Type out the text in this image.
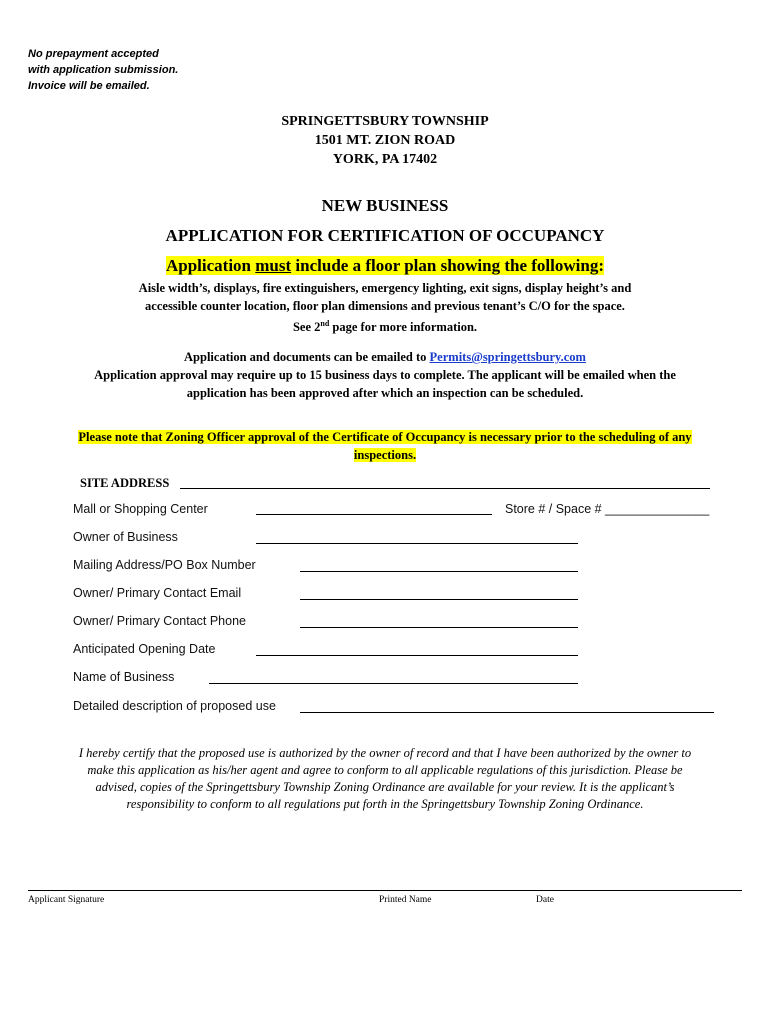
No prepayment accepted
with application submission.
Invoice will be emailed.
SPRINGETTSBURY TOWNSHIP
1501 MT. ZION ROAD
YORK, PA 17402
NEW BUSINESS
APPLICATION FOR CERTIFICATION OF OCCUPANCY
Application must include a floor plan showing the following:
Aisle width’s, displays, fire extinguishers, emergency lighting, exit signs, display height’s and
accessible counter location, floor plan dimensions and previous tenant’s C/O for the space.
See 2nd page for more information.
Application and documents can be emailed to Permits@springettsbury.com
Application approval may require up to 15 business days to complete. The applicant will be emailed when the
application has been approved after which an inspection can be scheduled.
Please note that Zoning Officer approval of the Certificate of Occupancy is necessary prior to the scheduling of any
inspections.
SITE ADDRESS
Mall or Shopping Center	Store # / Space # _______________
Owner of Business
Mailing Address/PO Box Number
Owner/ Primary Contact Email
Owner/ Primary Contact Phone
Anticipated Opening Date
Name of Business
Detailed description of proposed use
I hereby certify that the proposed use is authorized by the owner of record and that I have been authorized by the owner to make this application as his/her agent and agree to conform to all applicable regulations of this jurisdiction. Please be advised, copies of the Springettsbury Township Zoning Ordinance are available for your review. It is the applicant’s responsibility to conform to all regulations put forth in the Springettsbury Township Zoning Ordinance.
Applicant Signature	Printed Name	Date
